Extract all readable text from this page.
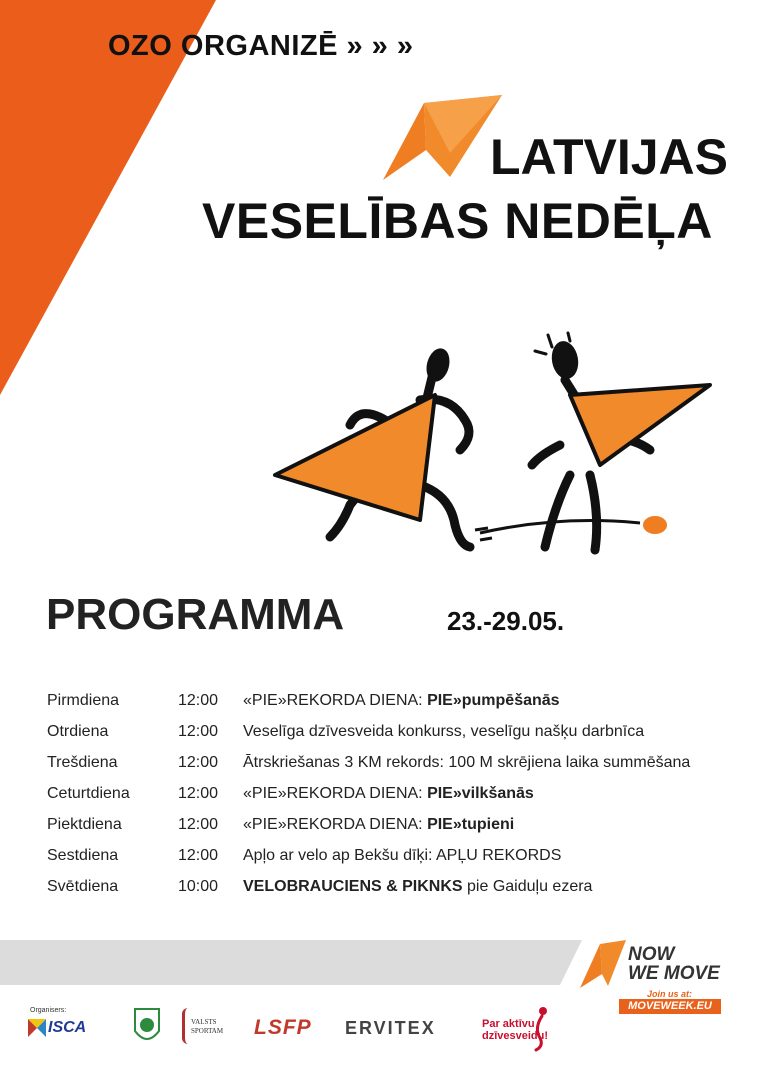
OZO ORGANIZĒ » » »
LATVIJAS
VESELĪBAS NEDĒĻA
PROGRAMMA	23.-29.05.
Pirmdiena	12:00 «PIE»REKORDA DIENA: PIE»pumpēšanās
Otrdiena	12:00 Veselīga dzīvesveida konkurss, veselīgu našķu darbnīca
Trešdiena	12:00 Ātrskriešanas 3 KM rekords: 100 M skrējiena laika summēšana
Ceturtdiena	12:00 «PIE»REKORDA DIENA: PIE»vilkšanās
Piektdiena	12:00 «PIE»REKORDA DIENA: PIE»tupieni
Sestdiena	12:00 Apļo ar velo ap Bekšu dīķi: APĻU REKORDS
Svētdiena	10:00 VELOBRAUCIENS & PIKNKS pie Gaiduļu ezera
NOW
WE MOVE
Join us at:
MOVEWEEK.EU
Organisers:
ISCA	VALSTS SPORTAM	LSFP ERVITEX	Par aktīvu
dzīvesveidu!
